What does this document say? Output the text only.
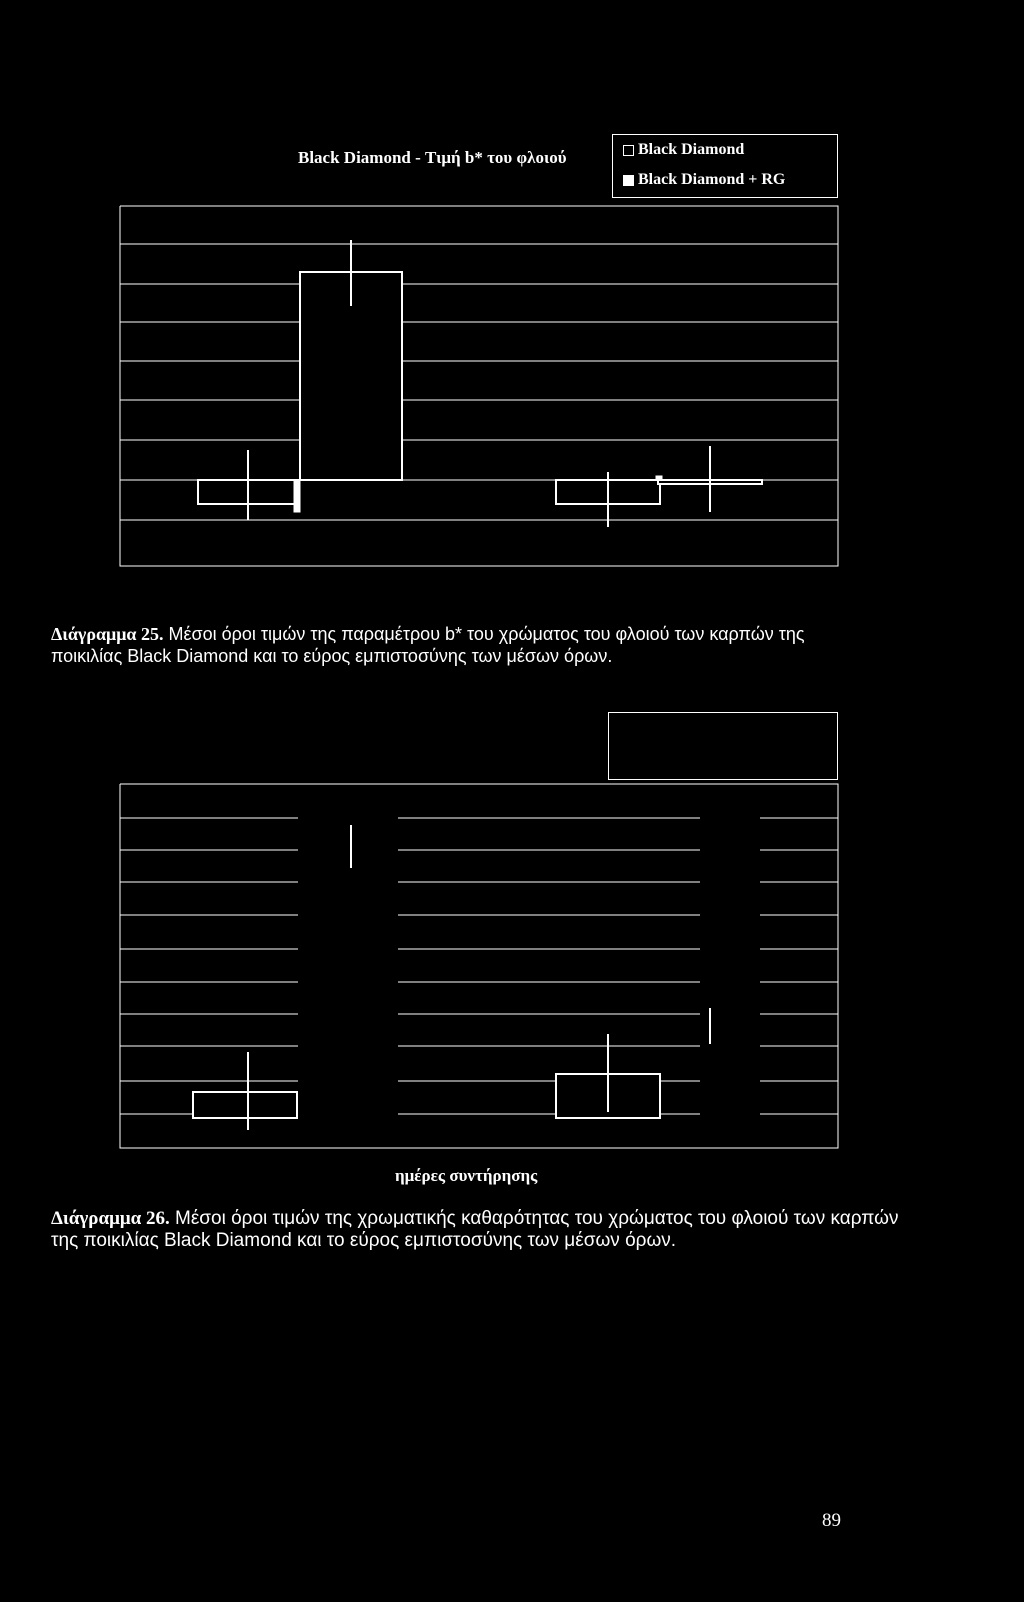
Black Diamond - Τιμή b* του φλοιού	Black Diamond
Black Diamond + RG
Διάγραμμα 25. Μέσοι όροι τιμών της παραμέτρου b* του χρώματος του φλοιού των καρπών της
ποικιλίας Black Diamond και το εύρος εμπιστοσύνης των μέσων όρων.
ημέρες συντήρησης
Διάγραμμα 26. Μέσοι όροι τιμών της χρωματικής καθαρότητας του χρώματος του φλοιού των καρπών
της ποικιλίας Black Diamond και το εύρος εμπιστοσύνης των μέσων όρων.
89
